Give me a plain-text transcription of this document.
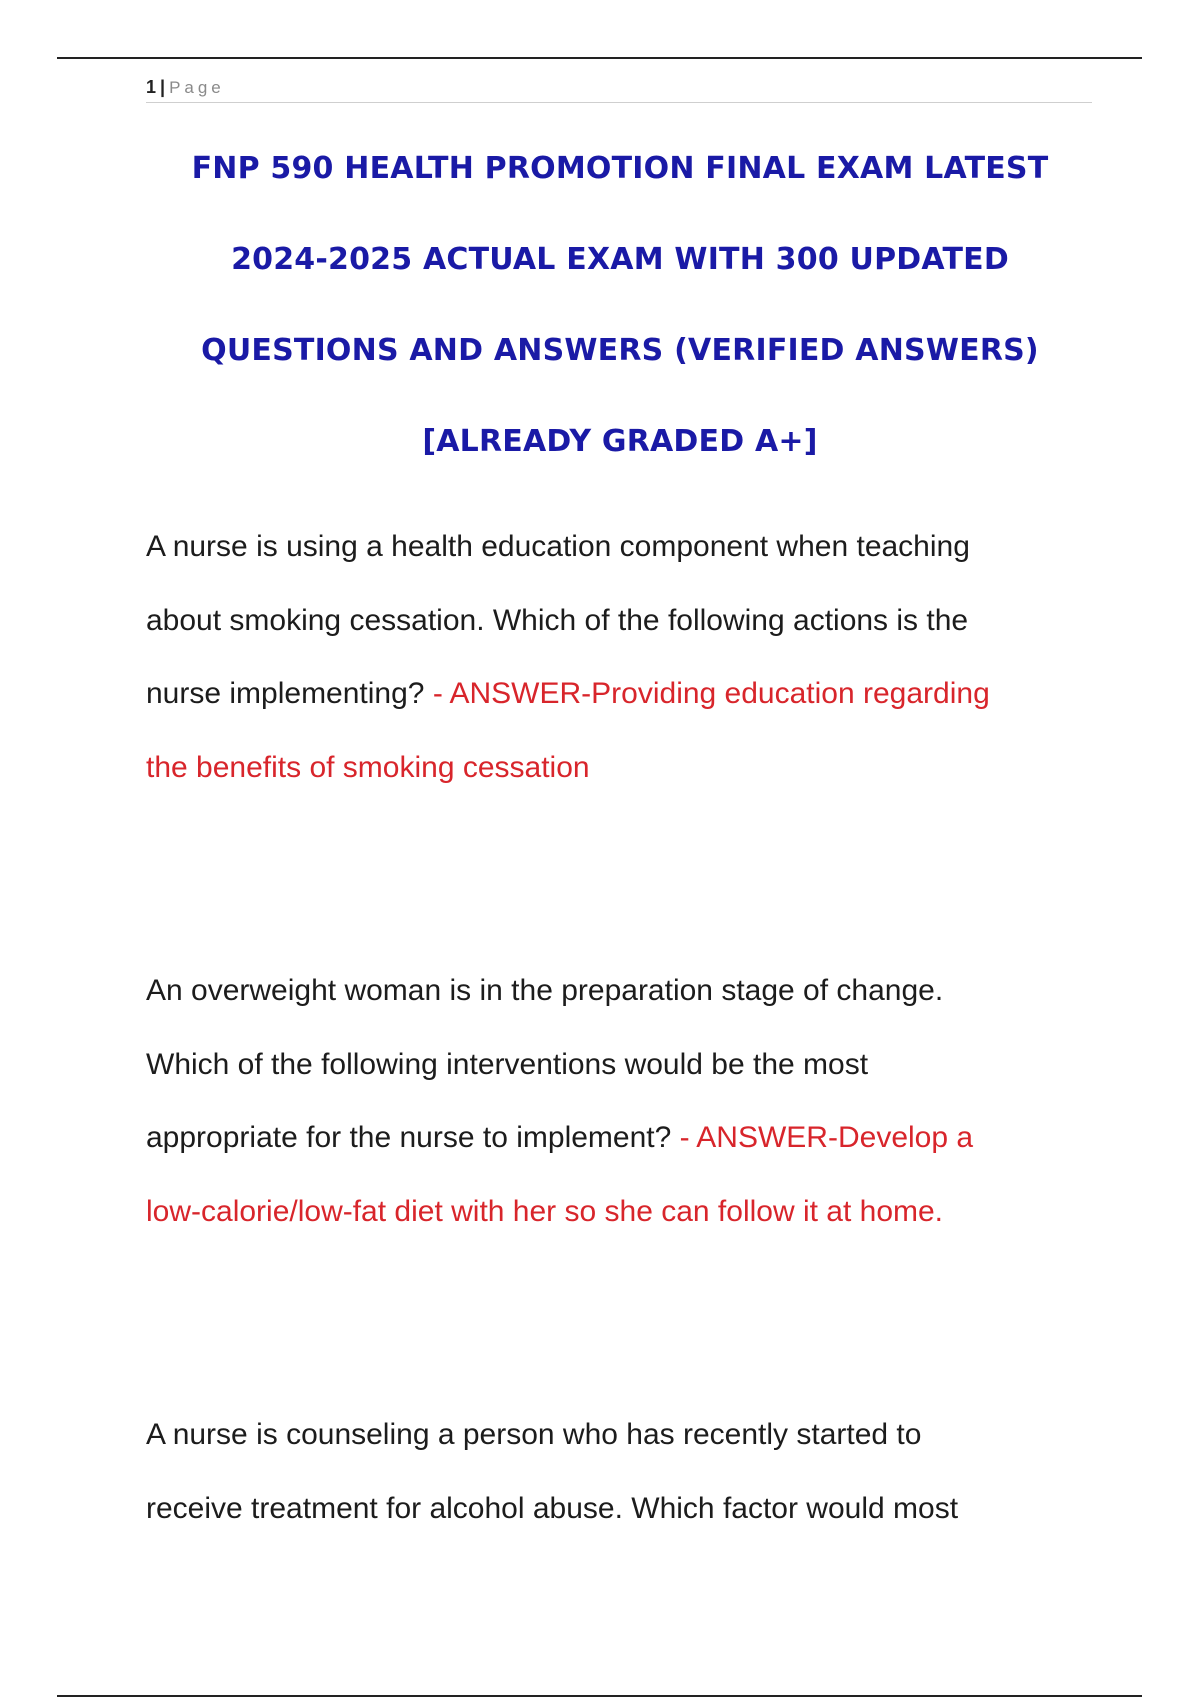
1 | Page
FNP 590 HEALTH PROMOTION FINAL EXAM LATEST
2024-2025 ACTUAL EXAM WITH 300 UPDATED
QUESTIONS AND ANSWERS (VERIFIED ANSWERS)
[ALREADY GRADED A+]

A nurse is using a health education component when teaching
about smoking cessation. Which of the following actions is the
nurse implementing? - ANSWER-Providing education regarding
the benefits of smoking cessation

An overweight woman is in the preparation stage of change.
Which of the following interventions would be the most
appropriate for the nurse to implement? - ANSWER-Develop a
low-calorie/low-fat diet with her so she can follow it at home.

A nurse is counseling a person who has recently started to
receive treatment for alcohol abuse. Which factor would most
